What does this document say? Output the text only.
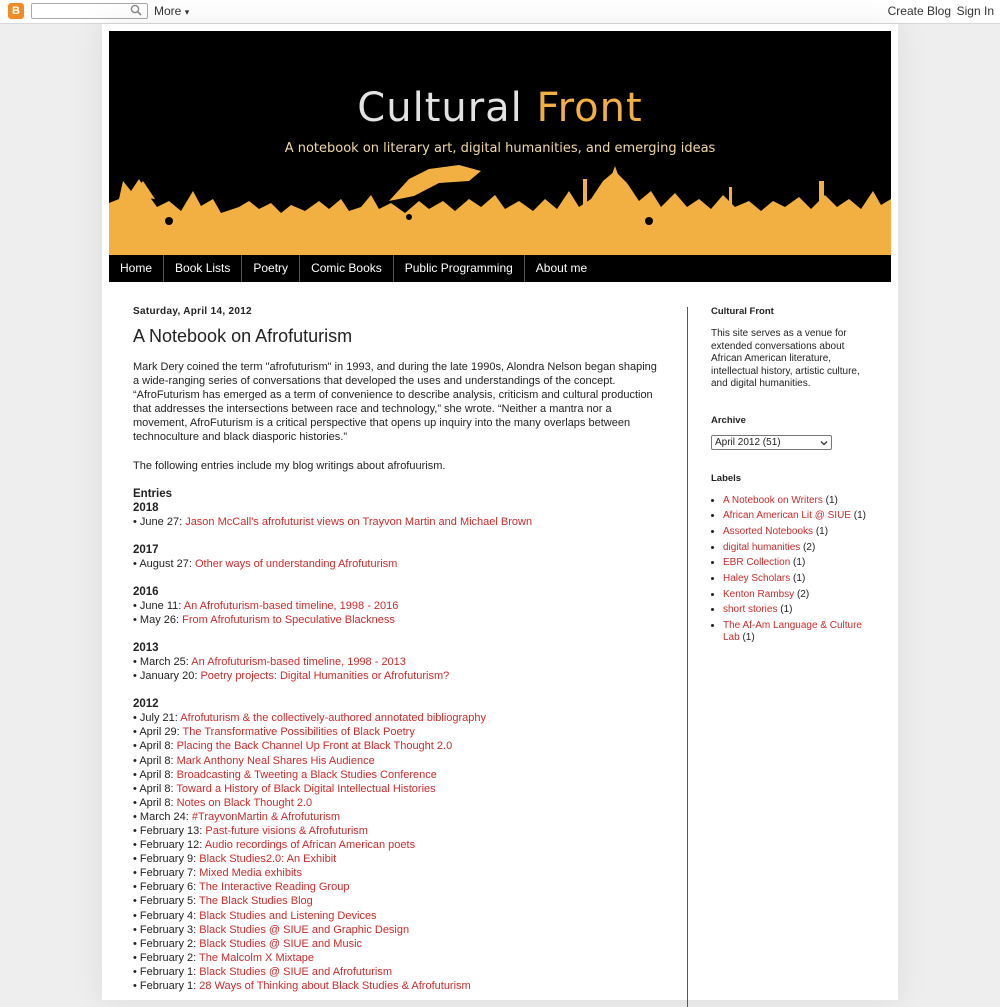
B	More ▾	Create Blog Sign In
Cultural Front
A notebook on literary art, digital humanities, and emerging ideas
Home	Book Lists	Poetry	Comic Books	Public Programming	About me
Saturday, April 14, 2012
A Notebook on Afrofuturism
Mark Dery coined the term "afrofuturism" in 1993, and during the late 1990s, Alondra Nelson began shaping a wide-ranging series of conversations that developed the uses and understandings of the concept. “AfroFuturism has emerged as a term of convenience to describe analysis, criticism and cultural production that addresses the intersections between race and technology,” she wrote. “Neither a mantra nor a movement, AfroFuturism is a critical perspective that opens up inquiry into the many overlaps between technoculture and black diasporic histories.”
The following entries include my blog writings about afrofuurism.
Entries
2018
• June 27: Jason McCall's afrofuturist views on Trayvon Martin and Michael Brown
2017
• August 27: Other ways of understanding Afrofuturism
2016
• June 11: An Afrofuturism-based timeline, 1998 - 2016
• May 26: From Afrofuturism to Speculative Blackness
2013
• March 25: An Afrofuturism-based timeline, 1998 - 2013
• January 20: Poetry projects: Digital Humanities or Afrofuturism?
2012
• July 21: Afrofuturism & the collectively-authored annotated bibliography
• April 29: The Transformative Possibilities of Black Poetry
• April 8: Placing the Back Channel Up Front at Black Thought 2.0
• April 8: Mark Anthony Neal Shares His Audience
• April 8: Broadcasting & Tweeting a Black Studies Conference
• April 8: Toward a History of Black Digital Intellectual Histories
• April 8: Notes on Black Thought 2.0
• March 24: #TrayvonMartin & Afrofuturism
• February 13: Past-future visions & Afrofuturism
• February 12: Audio recordings of African American poets
• February 9: Black Studies2.0: An Exhibit
• February 7: Mixed Media exhibits
• February 6: The Interactive Reading Group
• February 5: The Black Studies Blog
• February 4: Black Studies and Listening Devices
• February 3: Black Studies @ SIUE and Graphic Design
• February 2: Black Studies @ SIUE and Music
• February 2: The Malcolm X Mixtape
• February 1: Black Studies @ SIUE and Afrofuturism
• February 1: 28 Ways of Thinking about Black Studies & Afrofuturism
Cultural Front
This site serves as a venue for extended conversations about African American literature, intellectual history, artistic culture, and digital humanities.
Archive
April 2012 (51)
Labels
• A Notebook on Writers (1)
• African American Lit @ SIUE (1)
• Assorted Notebooks (1)
• digital humanities (2)
• EBR Collection (1)
• Haley Scholars (1)
• Kenton Rambsy (2)
• short stories (1)
• The Af-Am Language & Culture Lab (1)
